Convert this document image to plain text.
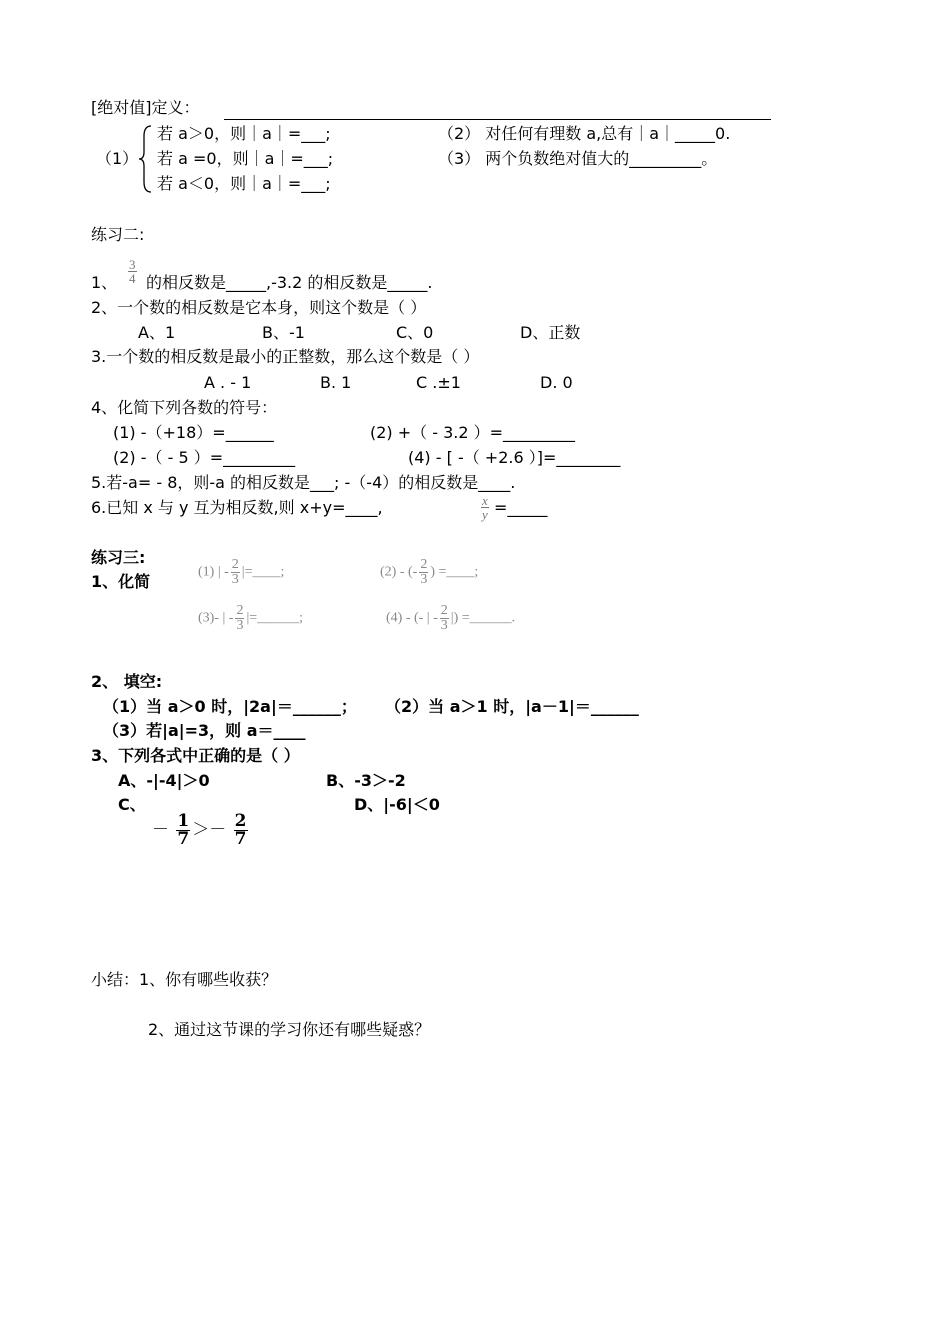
[绝对值]定义：
（1）
若 a＞0，则｜a｜=___;
若 a =0，则｜a｜=___;
若 a＜0，则｜a｜=___;
（2） 对任何有理数 a,总有｜a｜_____0.
（3） 两个负数绝对值大的_________。
练习二:
1、 $\frac{3}{4}$ 的相反数是_____,-3.2 的相反数是_____.
2、一个数的相反数是它本身，则这个数是（ ）
A、1	B、-1	C、0	D、正数
3.一个数的相反数是最小的正整数，那么这个数是（ ）
A . - 1	B. 1	C .±1	D. 0
4、化简下列各数的符号：
(1) -（+18）=______	(2) +（ - 3.2 ）=_________
(2) -（ - 5 ）=_________	(4) - [ -（ +2.6 ）]=________
5.若-a= - 8，则-a 的相反数是___; -（-4）的相反数是____.
6.已知 x 与 y 互为相反数,则 x+y=____,	$\frac{x}{y}$ =_____
练习三:
1、化简	(1) | - $\frac{2}{3}$ |=____;	(2) - (- $\frac{2}{3}$ ) =____;
(3)- | - $\frac{2}{3}$ |=______;	(4) - (- | - $\frac{2}{3}$ |) =______.
2、 填空:
（1）当 a＞0 时，|2a|＝______； （2）当 a＞1 时，|a－1|＝______
（3）若|a|=3，则 a＝____
3、下列各式中正确的是（ ）
A、-|-4|＞0	B、-3＞-2
C、	D、|-6|＜0
－ $\frac{1}{7} >- \frac{2}{7}$
小结：1、你有哪些收获？
2、通过这节课的学习你还有哪些疑惑？
